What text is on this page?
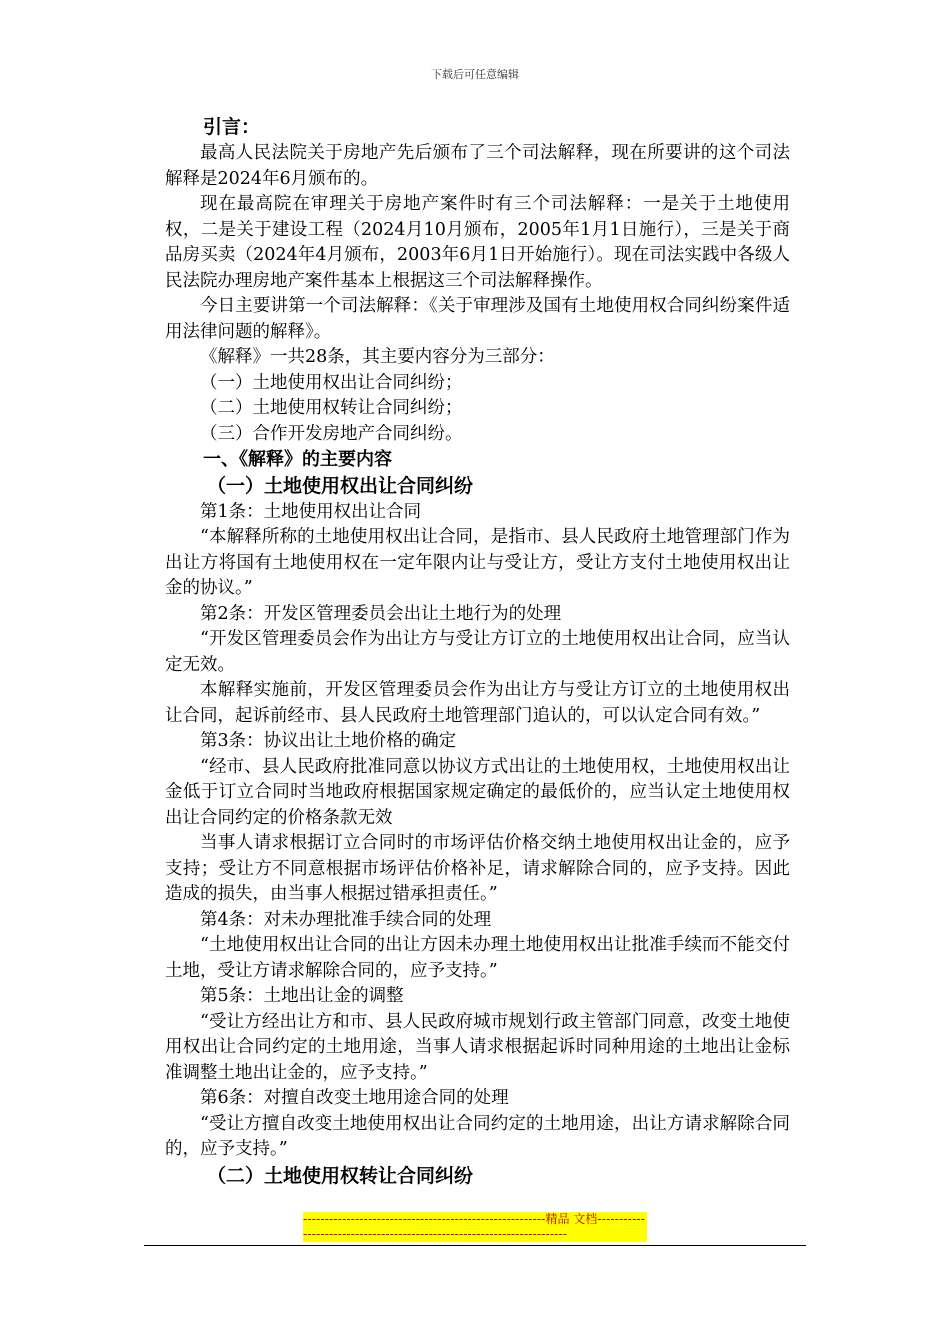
下载后可任意编辑
引言：

最高人民法院关于房地产先后颁布了三个司法解释，现在所要讲的这个司法解释是2024年6月颁布的。

现在最高院在审理关于房地产案件时有三个司法解释：一是关于土地使用权，二是关于建设工程（2024月10月颁布，2005年1月1日施行），三是关于商品房买卖（2024年4月颁布，2003年6月1日开始施行）。现在司法实践中各级人民法院办理房地产案件基本上根据这三个司法解释操作。

今日主要讲第一个司法解释：《关于审理涉及国有土地使用权合同纠纷案件适用法律问题的解释》。

《解释》一共28条，其主要内容分为三部分：

（一）土地使用权出让合同纠纷；

（二）土地使用权转让合同纠纷；

（三）合作开发房地产合同纠纷。

一、《解释》的主要内容
（一）土地使用权出让合同纠纷

第1条：土地使用权出让合同

“本解释所称的土地使用权出让合同，是指市、县人民政府土地管理部门作为出让方将国有土地使用权在一定年限内让与受让方，受让方支付土地使用权出让金的协议。”

第2条：开发区管理委员会出让土地行为的处理

“开发区管理委员会作为出让方与受让方订立的土地使用权出让合同，应当认定无效。

本解释实施前，开发区管理委员会作为出让方与受让方订立的土地使用权出让合同，起诉前经市、县人民政府土地管理部门追认的，可以认定合同有效。”

第3条：协议出让土地价格的确定

“经市、县人民政府批准同意以协议方式出让的土地使用权，土地使用权出让金低于订立合同时当地政府根据国家规定确定的最低价的，应当认定土地使用权出让合同约定的价格条款无效

当事人请求根据订立合同时的市场评估价格交纳土地使用权出让金的，应予支持；受让方不同意根据市场评估价格补足，请求解除合同的，应予支持。因此造成的损失，由当事人根据过错承担责任。”

第4条：对未办理批准手续合同的处理

“土地使用权出让合同的出让方因未办理土地使用权出让批准手续而不能交付土地，受让方请求解除合同的，应予支持。”

第5条：土地出让金的调整

“受让方经出让方和市、县人民政府城市规划行政主管部门同意，改变土地使用权出让合同约定的土地用途，当事人请求根据起诉时同种用途的土地出让金标准调整土地出让金的，应予支持。”

第6条：对擅自改变土地用途合同的处理

“受让方擅自改变土地使用权出让合同约定的土地用途，出让方请求解除合同的，应予支持。”

（二）土地使用权转让合同纠纷
--------------------------------------------------------精品 文档------------------------------------------------------------------------
